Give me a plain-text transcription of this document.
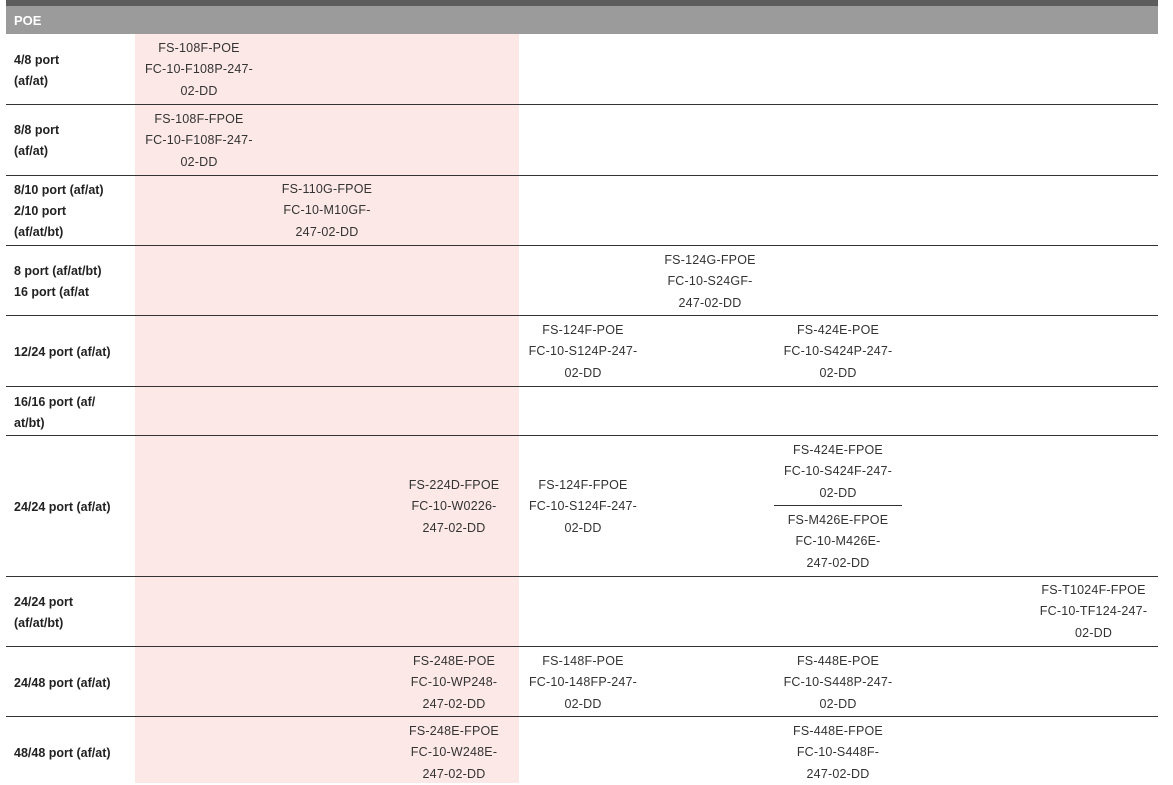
POE
4/8 port
(af/at)
8/8 port
(af/at)
8/10 port (af/at)
2/10 port
(af/at/bt)
8 port (af/at/bt)
16 port (af/at
12/24 port (af/at)
16/16 port (af/
at/bt)
24/24 port (af/at)
24/24 port
(af/at/bt)
24/48 port (af/at)
48/48 port (af/at)
FS-108F-POE
FC-10-F108P-247-
02-DD
FS-108F-FPOE
FC-10-F108F-247-
02-DD
FS-110G-FPOE
FC-10-M10GF-
247-02-DD
FS-124G-FPOE
FC-10-S24GF-
247-02-DD
FS-124F-POE
FC-10-S124P-247-
02-DD
FS-424E-POE
FC-10-S424P-247-
02-DD
FS-224D-FPOE
FC-10-W0226-
247-02-DD
FS-124F-FPOE
FC-10-S124F-247-
02-DD
FS-424E-FPOE
FC-10-S424F-247-
02-DD
FS-M426E-FPOE
FC-10-M426E-
247-02-DD
FS-T1024F-FPOE
FC-10-TF124-247-
02-DD
FS-248E-POE
FC-10-WP248-
247-02-DD
FS-148F-POE
FC-10-148FP-247-
02-DD
FS-448E-POE
FC-10-S448P-247-
02-DD
FS-248E-FPOE
FC-10-W248E-
247-02-DD
FS-448E-FPOE
FC-10-S448F-
247-02-DD
